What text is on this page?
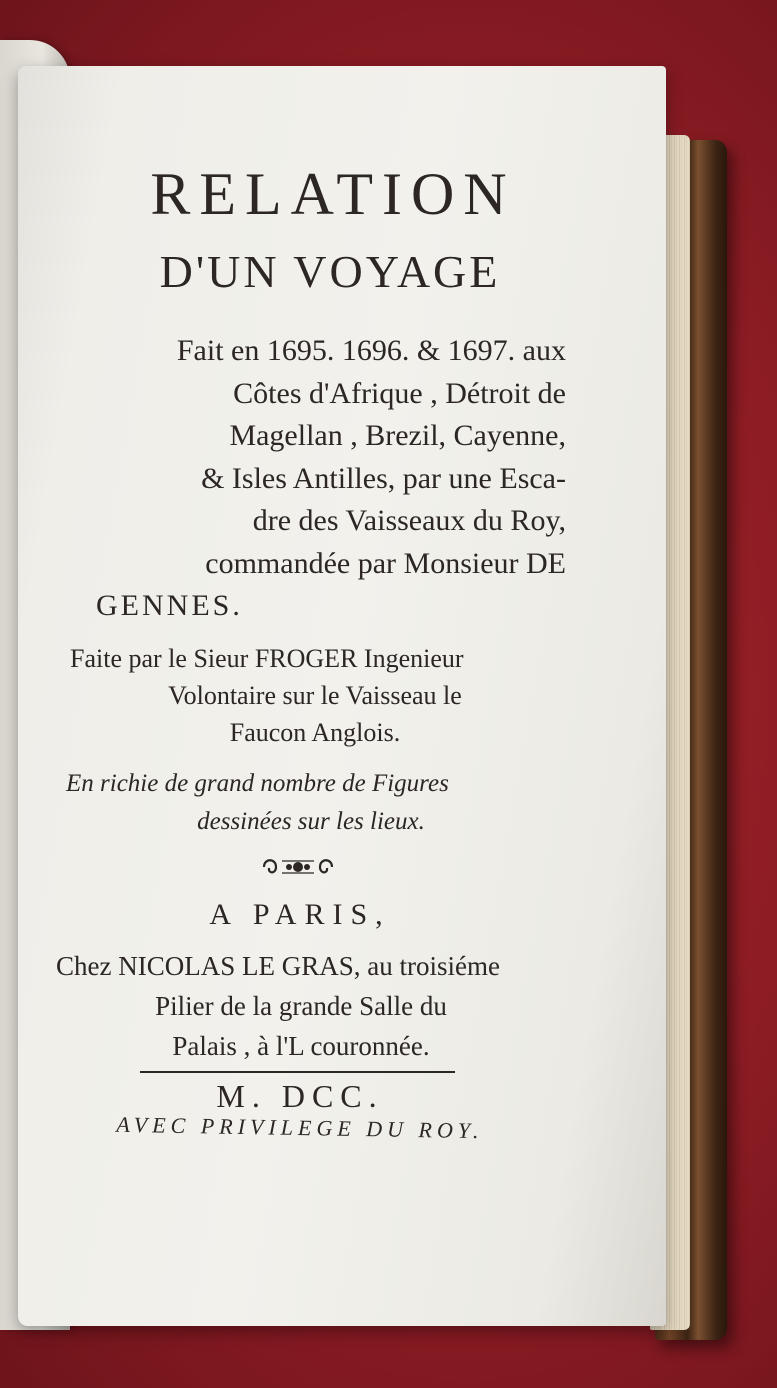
RELATION
D'UN VOYAGE
Fait en 1695. 1696. & 1697. aux
Côtes d'Afrique , Détroit de
Magellan , Brezil, Cayenne,
& Isles Antilles, par une Esca-
dre des Vaisseaux du Roy,
commandée par Monsieur DE
GENNES.
Faite par le Sieur FROGER Ingenieur
Volontaire sur le Vaisseau le
Faucon Anglois.
En richie de grand nombre de Figures
dessinées sur les lieux.
A PARIS,
Chez NICOLAS LE GRAS, au troisiéme
Pilier de la grande Salle du
Palais , à l'L couronnée.
M. DCC.
AVEC PRIVILEGE DU ROY.
